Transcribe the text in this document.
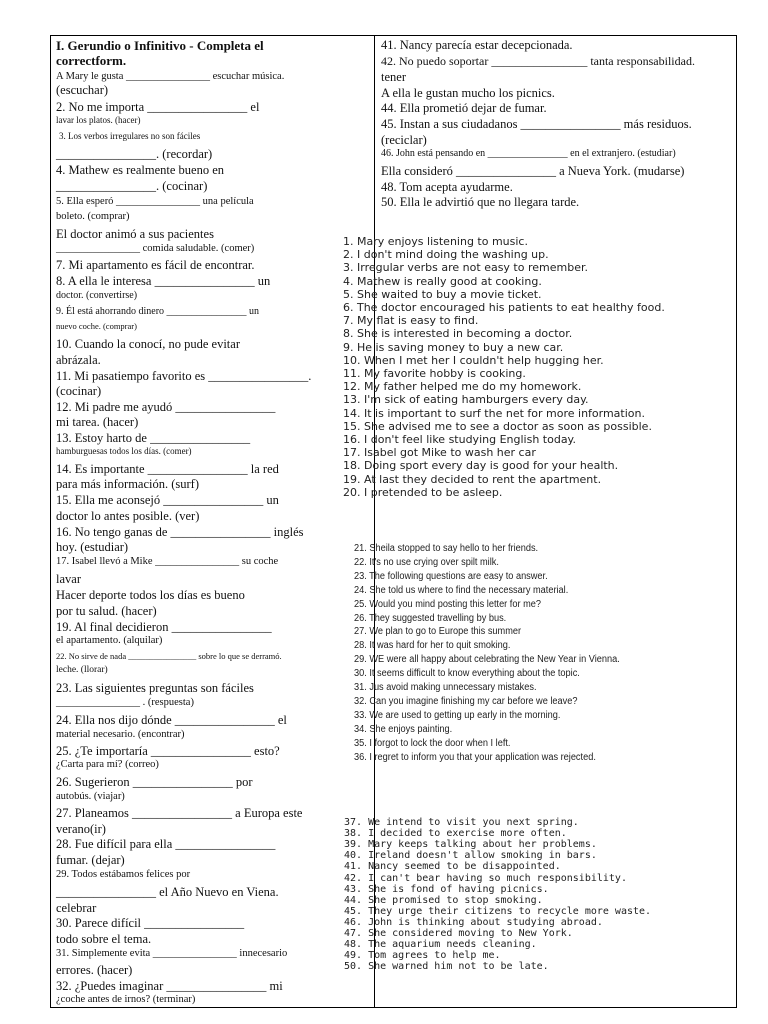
I. Gerundio o Infinitivo - Completa el
correctform.
A Mary le gusta ________________ escuchar música.
(escuchar)
2. No me importa ________________ el
lavar los platos. (hacer)
3. Los verbos irregulares no son fáciles
________________. (recordar)
4. Mathew es realmente bueno en
________________. (cocinar)
5. Ella esperó ________________ una película
boleto. (comprar)
El doctor animó a sus pacientes
________________ comida saludable. (comer)
7. Mi apartamento es fácil de encontrar.
8. A ella le interesa ________________ un
doctor. (convertirse)
9. Él está ahorrando dinero ________________ un
nuevo coche. (comprar)
10. Cuando la conocí, no pude evitar
abrázala.
11. Mi pasatiempo favorito es ________________.
(cocinar)
12. Mi padre me ayudó ________________
mi tarea. (hacer)
13. Estoy harto de ________________
hamburguesas todos los días. (comer)
14. Es importante ________________ la red
para más información. (surf)
15. Ella me aconsejó ________________ un
doctor lo antes posible. (ver)
16. No tengo ganas de ________________ inglés
hoy. (estudiar)
17. Isabel llevó a Mike ________________ su coche
lavar
Hacer deporte todos los días es bueno
por tu salud. (hacer)
19. Al final decidieron ________________
el apartamento. (alquilar)
22. No sirve de nada ________________ sobre lo que se derramó.
leche. (llorar)
23. Las siguientes preguntas son fáciles
________________ . (respuesta)
24. Ella nos dijo dónde ________________ el
material necesario. (encontrar)
25. ¿Te importaría ________________ esto?
¿Carta para mí? (correo)
26. Sugerieron ________________ por
autobús. (viajar)
27. Planeamos ________________ a Europa este
verano(ir)
28. Fue difícil para ella ________________
fumar. (dejar)
29. Todos estábamos felices por
________________ el Año Nuevo en Viena.
celebrar
30. Parece difícil ________________
todo sobre el tema.
31. Simplemente evita ________________ innecesario
errores. (hacer)
32. ¿Puedes imaginar ________________ mi
¿coche antes de irnos? (terminar)
41. Nancy parecía estar decepcionada.
42. No puedo soportar ________________ tanta responsabilidad.
tener
A ella le gustan mucho los picnics.
44. Ella prometió dejar de fumar.
45. Instan a sus ciudadanos ________________ más residuos.
(reciclar)
46. John está pensando en ________________ en el extranjero. (estudiar)
Ella consideró ________________ a Nueva York. (mudarse)
48. Tom acepta ayudarme.
50. Ella le advirtió que no llegara tarde.
1. Mary enjoys listening to music.
2. I don't mind doing the washing up.
3. Irregular verbs are not easy to remember.
4. Mathew is really good at cooking.
5. She waited to buy a movie ticket.
6. The doctor encouraged his patients to eat healthy food.
7. My flat is easy to find.
8. She is interested in becoming a doctor.
9. He is saving money to buy a new car.
10. When I met her I couldn't help hugging her.
11. My favorite hobby is cooking.
12. My father helped me do my homework.
13. I'm sick of eating hamburgers every day.
14. It is important to surf the net for more information.
15. She advised me to see a doctor as soon as possible.
16. I don't feel like studying English today.
17. Isabel got Mike to wash her car
18. Doing sport every day is good for your health.
19. At last they decided to rent the apartment.
20. I pretended to be asleep.
21. Sheila stopped to say hello to her friends.
22. It's no use crying over spilt milk.
23. The following questions are easy to answer.
24. She told us where to find the necessary material.
25. Would you mind posting this letter for me?
26. They suggested travelling by bus.
27. We plan to go to Europe this summer
28. It was hard for her to quit smoking.
29. WE were all happy about celebrating the New Year in Vienna.
30. It seems difficult to know everything about the topic.
31. Jus avoid making unnecessary mistakes.
32. Can you imagine finishing my car before we leave?
33. We are used to getting up early in the morning.
34. She enjoys painting.
35. I forgot to lock the door when I left.
36. I regret to inform you that your application was rejected.
37. We intend to visit you next spring.
38. I decided to exercise more often.
39. Mary keeps talking about her problems.
40. Ireland doesn't allow smoking in bars.
41. Nancy seemed to be disappointed.
42. I can't bear having so much responsibility.
43. She is fond of having picnics.
44. She promised to stop smoking.
45. They urge their citizens to recycle more waste.
46. John is thinking about studying abroad.
47. She considered moving to New York.
48. The aquarium needs cleaning.
49. Tom agrees to help me.
50. She warned him not to be late.
